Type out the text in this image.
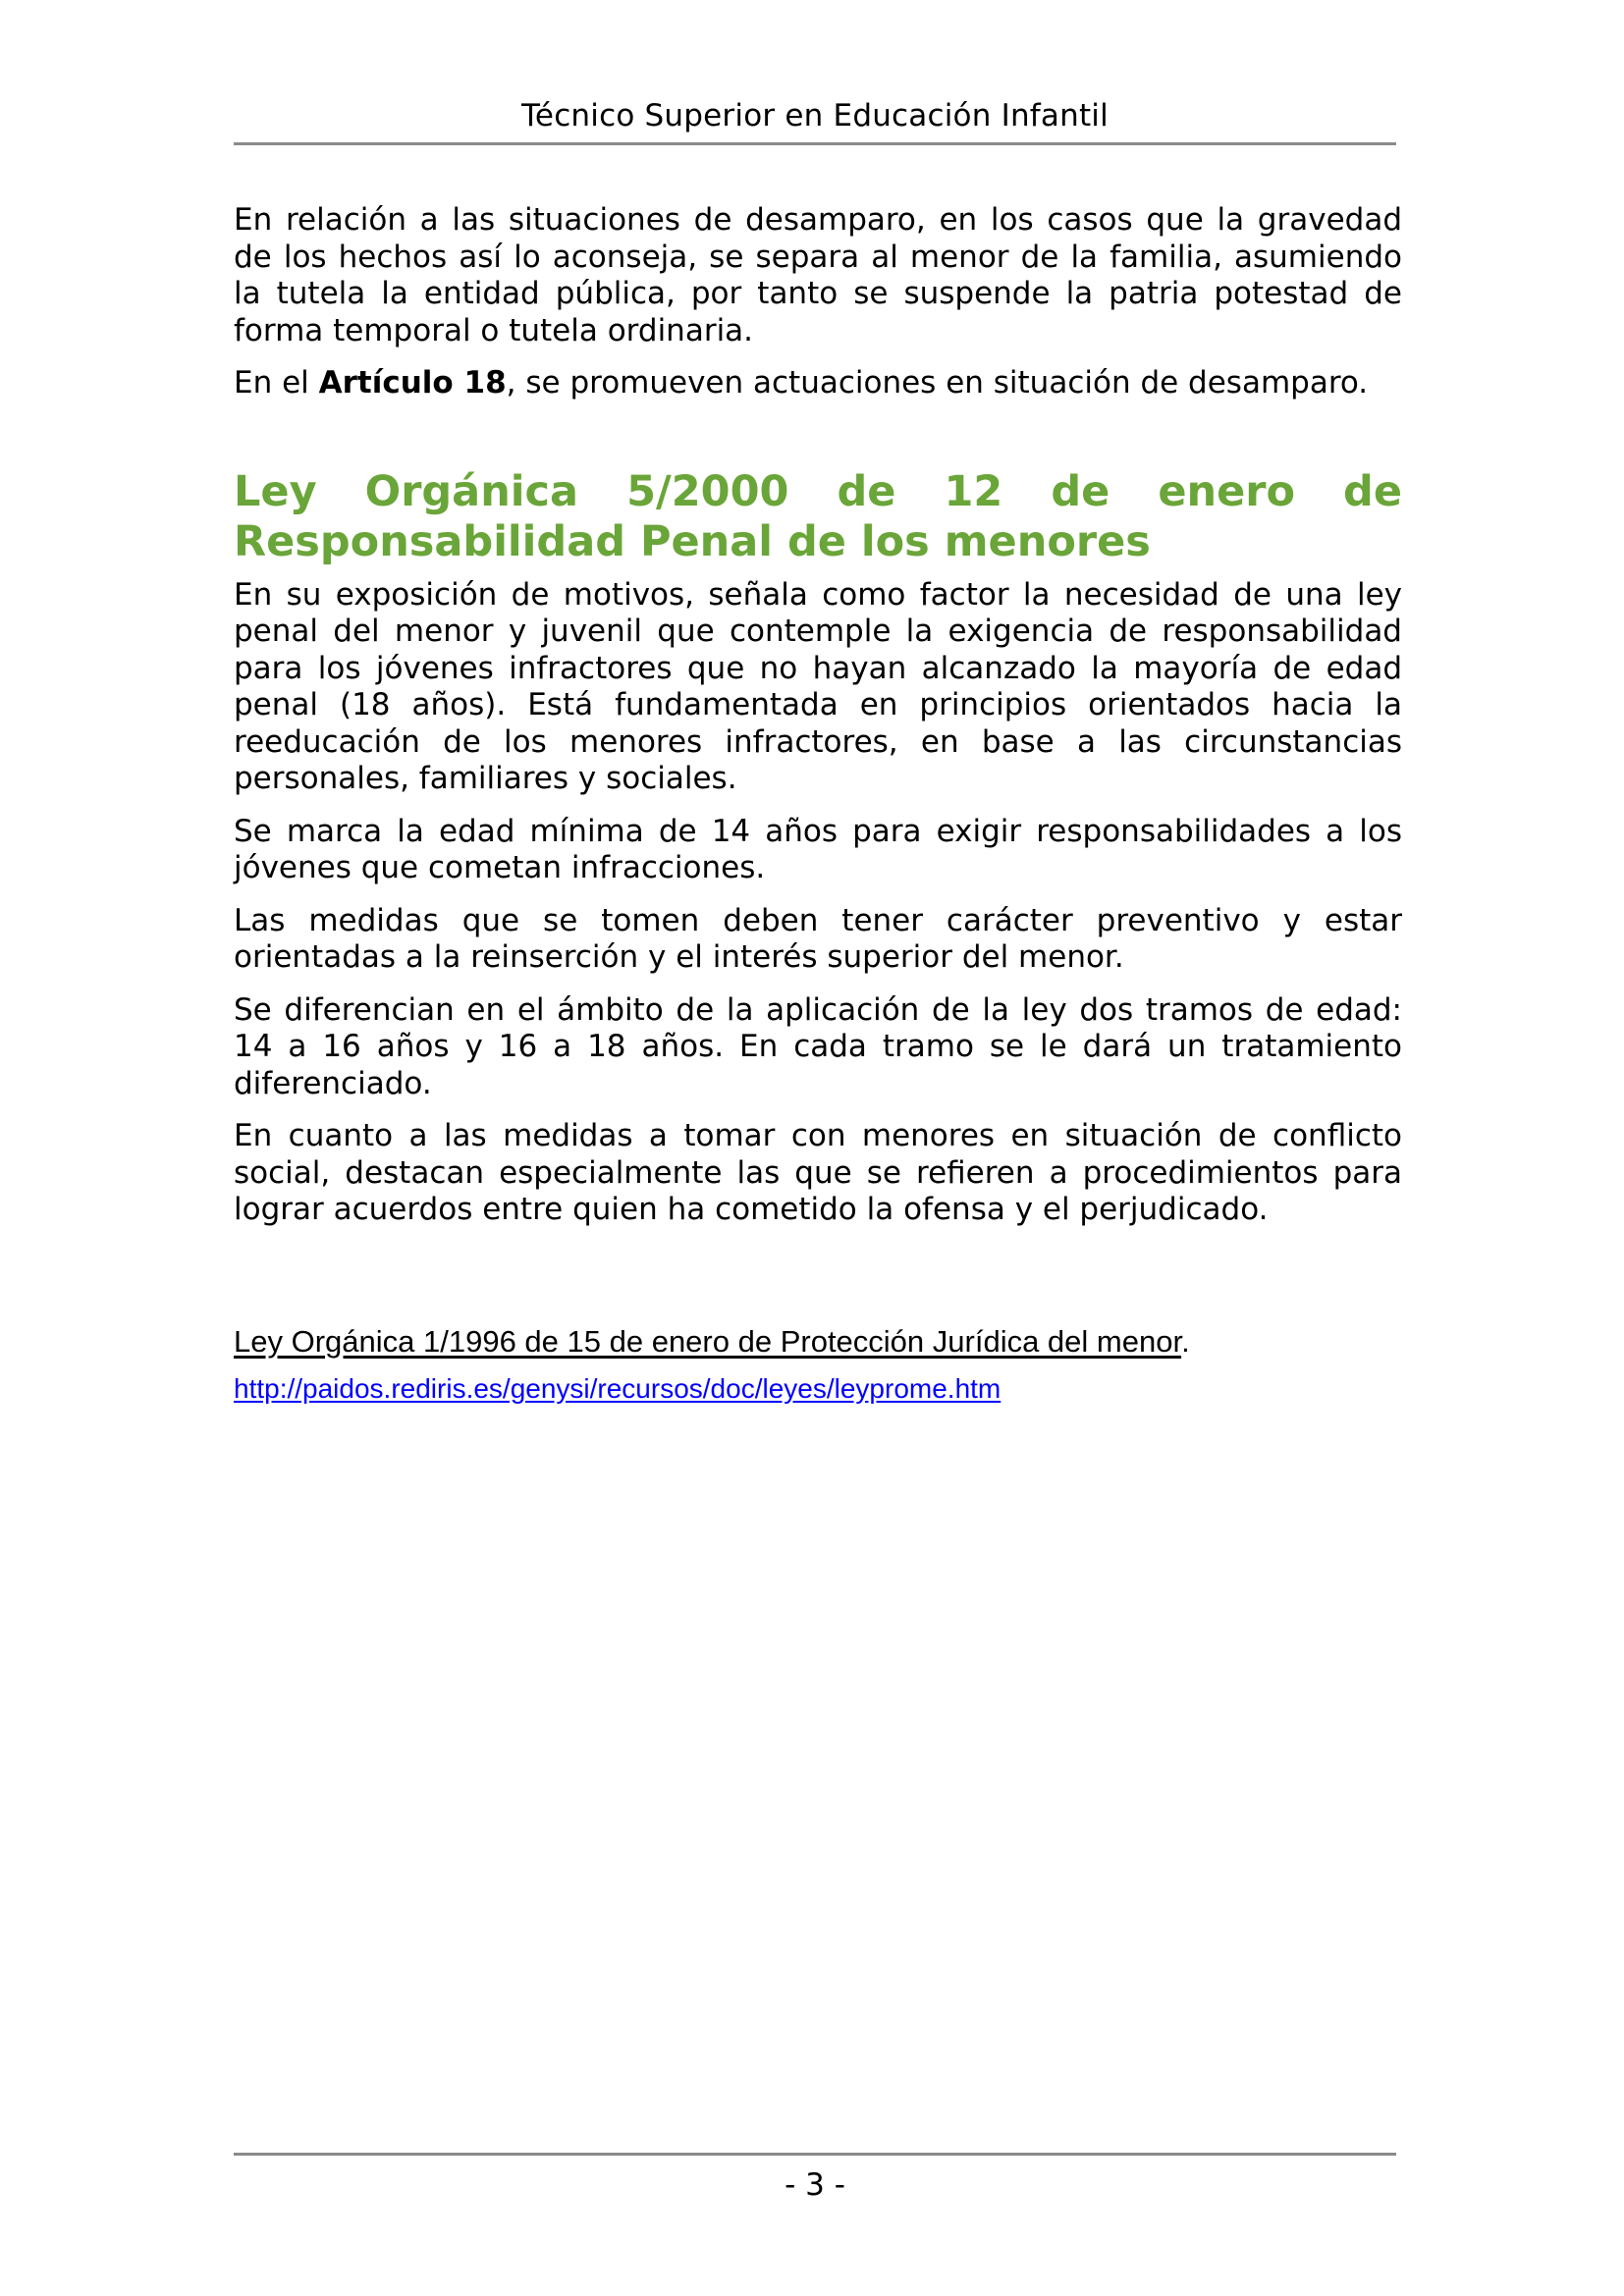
Técnico Superior en Educación Infantil

En relación a las situaciones de desamparo, en los casos que la gravedad de los hechos así lo aconseja, se separa al menor de la familia, asumiendo la tutela la entidad pública, por tanto se suspende la patria potestad de forma temporal o tutela ordinaria.

En el Artículo 18, se promueven actuaciones en situación de desamparo.

Ley Orgánica 5/2000 de 12 de enero de Responsabilidad Penal de los menores

En su exposición de motivos, señala como factor la necesidad de una ley penal del menor y juvenil que contemple la exigencia de responsabilidad para los jóvenes infractores que no hayan alcanzado la mayoría de edad penal (18 años). Está fundamentada en principios orientados hacia la reeducación de los menores infractores, en base a las circunstancias personales, familiares y sociales.

Se marca la edad mínima de 14 años para exigir responsabilidades a los jóvenes que cometan infracciones.

Las medidas que se tomen deben tener carácter preventivo y estar orientadas a la reinserción y el interés superior del menor.

Se diferencian en el ámbito de la aplicación de la ley dos tramos de edad: 14 a 16 años y 16 a 18 años. En cada tramo se le dará un tratamiento diferenciado.

En cuanto a las medidas a tomar con menores en situación de conflicto social, destacan especialmente las que se refieren a procedimientos para lograr acuerdos entre quien ha cometido la ofensa y el perjudicado.

Ley Orgánica 1/1996 de 15 de enero de Protección Jurídica del menor.
http://paidos.rediris.es/genysi/recursos/doc/leyes/leyprome.htm
- 3 -
